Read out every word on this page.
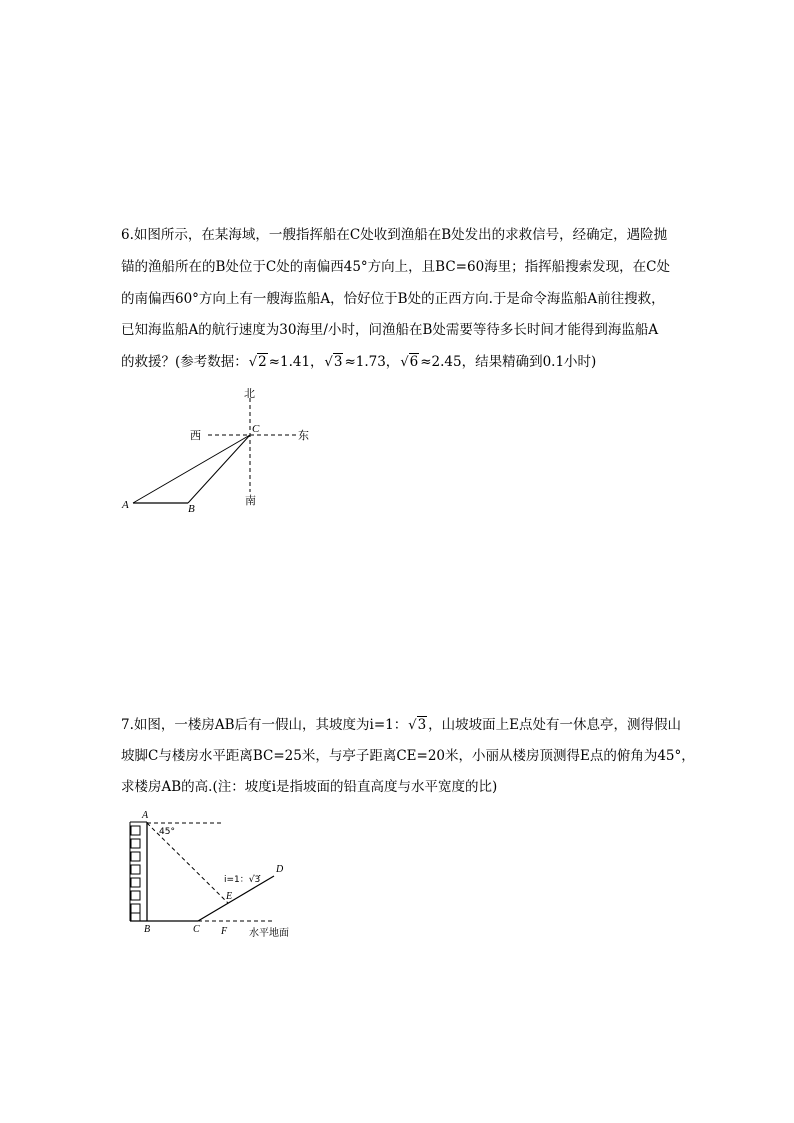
6.如图所示，在某海域，一艘指挥船在C处收到渔船在B处发出的求救信号，经确定，遇险抛
锚的渔船所在的B处位于C处的南偏西45°方向上，且BC=60海里；指挥船搜索发现，在C处
的南偏西60°方向上有一艘海监船A，恰好位于B处的正西方向.于是命令海监船A前往搜救，
已知海监船A的航行速度为30海里/小时，问渔船在B处需要等待多长时间才能得到海监船A
的救援？(参考数据：√2 ≈1.41，√3 ≈1.73，√6 ≈2.45，结果精确到0.1小时)
北
南
西	东
C
A	B
7.如图，一楼房AB后有一假山，其坡度为i=1：√3 ，山坡坡面上E点处有一休息亭，测得假山
坡脚C与楼房水平距离BC=25米，与亭子距离CE=20米，小丽从楼房顶测得E点的俯角为45°，
求楼房AB的高.(注：坡度i是指坡面的铅直高度与水平宽度的比)
45°
A
B	C F
D
E
i=1：√3
水平地面
